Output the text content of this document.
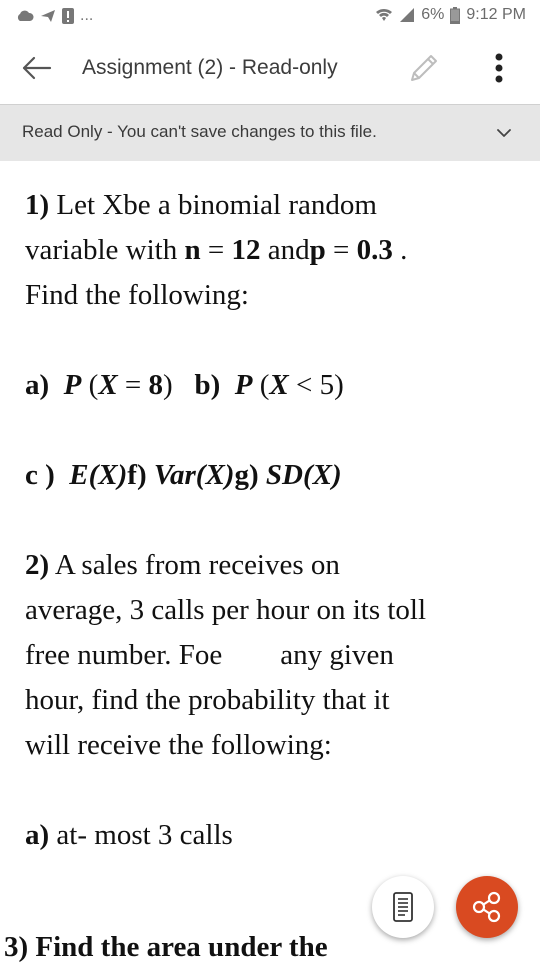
...	6% 9:12 PM
Assignment (2) - Read-only
Read Only - You can't save changes to this file.
1) Let Xbe a binomial random
variable with n = 12 andp = 0.3 .
Find the following:
a) P (X = 8) b) P (X < 5)
c ) E(X)f) Var(X)g) SD(X)
2) A sales from receives on
average, 3 calls per hour on its toll
free number. Foe        any given
hour, find the probability that it
will receive the following:
a) at- most 3 calls
3) Find the area under the
